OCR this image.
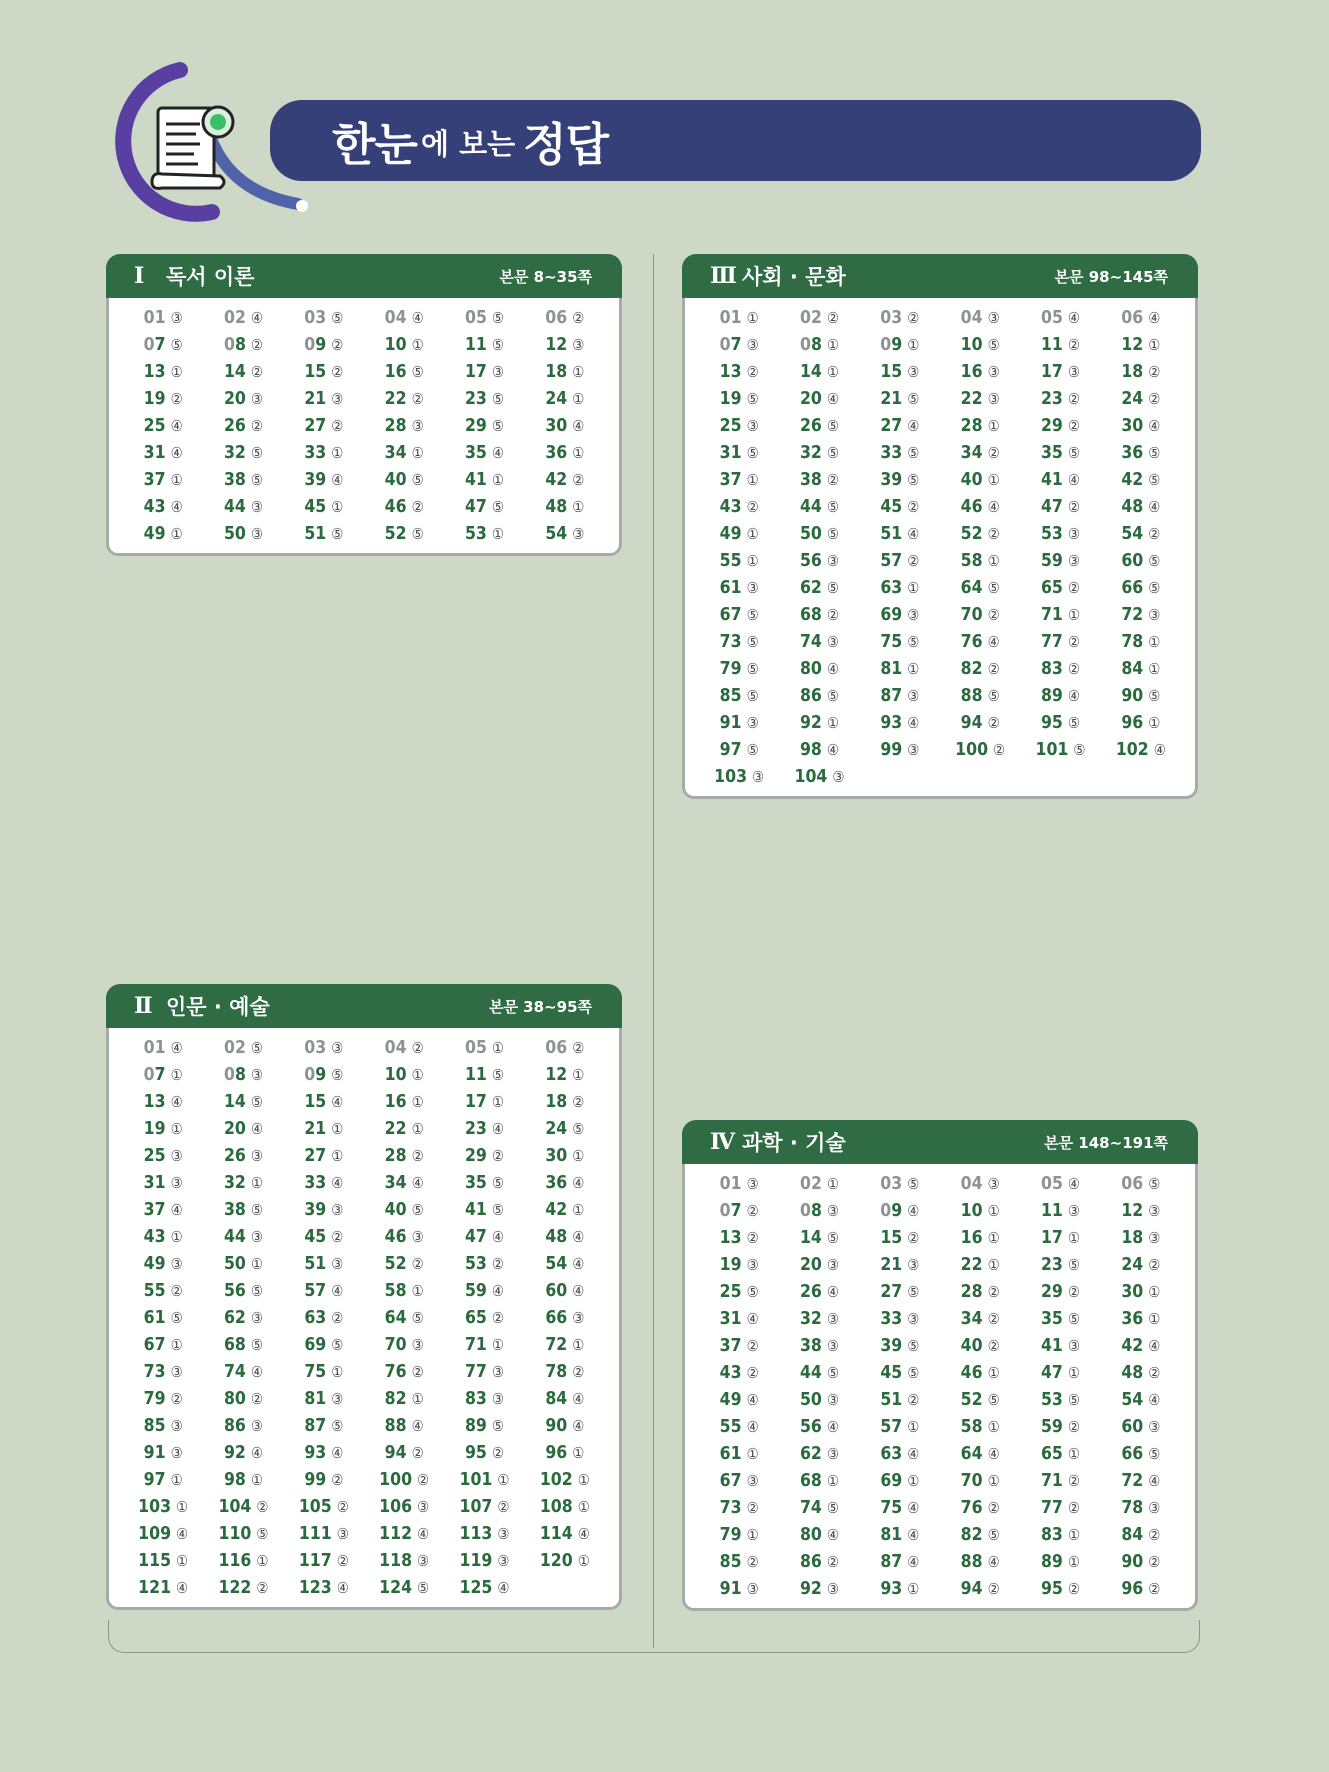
한눈 에 보는 정답
Ⅰ	독서 이론	본문 8∼35쪽
01 ③ 02 ④ 03 ⑤ 04 ④ 05 ⑤ 06 ②
07 ⑤ 08 ② 09 ② 10 ① 11 ⑤ 12 ③
13 ① 14 ② 15 ② 16 ⑤ 17 ③ 18 ①
19 ② 20 ③ 21 ③ 22 ② 23 ⑤ 24 ①
25 ④ 26 ② 27 ② 28 ③ 29 ⑤ 30 ④
31 ④ 32 ⑤ 33 ① 34 ① 35 ④ 36 ①
37 ① 38 ⑤ 39 ④ 40 ⑤ 41 ① 42 ②
43 ④ 44 ③ 45 ① 46 ② 47 ⑤ 48 ①
49 ① 50 ③ 51 ⑤ 52 ⑤ 53 ① 54 ③
Ⅲ 사회 · 문화	본문 98∼145쪽
01 ① 02 ② 03 ② 04 ③ 05 ④ 06 ④
07 ③ 08 ① 09 ① 10 ⑤ 11 ② 12 ①
13 ② 14 ① 15 ③ 16 ③ 17 ③ 18 ②
19 ⑤ 20 ④ 21 ⑤ 22 ③ 23 ② 24 ②
25 ③ 26 ⑤ 27 ④ 28 ① 29 ② 30 ④
31 ⑤ 32 ⑤ 33 ⑤ 34 ② 35 ⑤ 36 ⑤
37 ① 38 ② 39 ⑤ 40 ① 41 ④ 42 ⑤
43 ② 44 ⑤ 45 ② 46 ④ 47 ② 48 ④
49 ① 50 ⑤ 51 ④ 52 ② 53 ③ 54 ②
55 ① 56 ③ 57 ② 58 ① 59 ③ 60 ⑤
61 ③ 62 ⑤ 63 ① 64 ⑤ 65 ② 66 ⑤
67 ⑤ 68 ② 69 ③ 70 ② 71 ① 72 ③
73 ⑤ 74 ③ 75 ⑤ 76 ④ 77 ② 78 ①
79 ⑤ 80 ④ 81 ① 82 ② 83 ② 84 ①
85 ⑤ 86 ⑤ 87 ③ 88 ⑤ 89 ④ 90 ⑤
91 ③ 92 ① 93 ④ 94 ② 95 ⑤ 96 ①
97 ⑤ 98 ④ 99 ③ 100 ② 101 ⑤ 102 ④
103 ③ 104 ③
Ⅱ 인문 · 예술	본문 38∼95쪽
01 ④ 02 ⑤ 03 ③ 04 ② 05 ① 06 ②
07 ① 08 ③ 09 ⑤ 10 ① 11 ⑤ 12 ①
13 ④ 14 ⑤ 15 ④ 16 ① 17 ① 18 ②
19 ① 20 ④ 21 ① 22 ① 23 ④ 24 ⑤
25 ③ 26 ③ 27 ① 28 ② 29 ② 30 ①
31 ③ 32 ① 33 ④ 34 ④ 35 ⑤ 36 ④
37 ④ 38 ⑤ 39 ③ 40 ⑤ 41 ⑤ 42 ①
43 ① 44 ③ 45 ② 46 ③ 47 ④ 48 ④
49 ③ 50 ① 51 ③ 52 ② 53 ② 54 ④
55 ② 56 ⑤ 57 ④ 58 ① 59 ④ 60 ④
61 ⑤ 62 ③ 63 ② 64 ⑤ 65 ② 66 ③
67 ① 68 ⑤ 69 ⑤ 70 ③ 71 ① 72 ①
73 ③ 74 ④ 75 ① 76 ② 77 ③ 78 ②
79 ② 80 ② 81 ③ 82 ① 83 ③ 84 ④
85 ③ 86 ③ 87 ⑤ 88 ④ 89 ⑤ 90 ④
91 ③ 92 ④ 93 ④ 94 ② 95 ② 96 ①
97 ① 98 ① 99 ② 100 ② 101 ① 102 ①
103 ① 104 ② 105 ② 106 ③ 107 ② 108 ①
109 ④ 110 ⑤ 111 ③ 112 ④ 113 ③ 114 ④
115 ① 116 ① 117 ② 118 ③ 119 ③ 120 ①
121 ④ 122 ② 123 ④ 124 ⑤ 125 ④
Ⅳ 과학 · 기술	본문 148∼191쪽
01 ③ 02 ① 03 ⑤ 04 ③ 05 ④ 06 ⑤
07 ② 08 ③ 09 ④ 10 ① 11 ③ 12 ③
13 ② 14 ⑤ 15 ② 16 ① 17 ① 18 ③
19 ③ 20 ③ 21 ③ 22 ① 23 ⑤ 24 ②
25 ⑤ 26 ④ 27 ⑤ 28 ② 29 ② 30 ①
31 ④ 32 ③ 33 ③ 34 ② 35 ⑤ 36 ①
37 ② 38 ③ 39 ⑤ 40 ② 41 ③ 42 ④
43 ② 44 ⑤ 45 ⑤ 46 ① 47 ① 48 ②
49 ④ 50 ③ 51 ② 52 ⑤ 53 ⑤ 54 ④
55 ④ 56 ④ 57 ① 58 ① 59 ② 60 ③
61 ① 62 ③ 63 ④ 64 ④ 65 ① 66 ⑤
67 ③ 68 ① 69 ① 70 ① 71 ② 72 ④
73 ② 74 ⑤ 75 ④ 76 ② 77 ② 78 ③
79 ① 80 ④ 81 ④ 82 ⑤ 83 ① 84 ②
85 ② 86 ② 87 ④ 88 ④ 89 ① 90 ②
91 ③ 92 ③ 93 ① 94 ② 95 ② 96 ②
